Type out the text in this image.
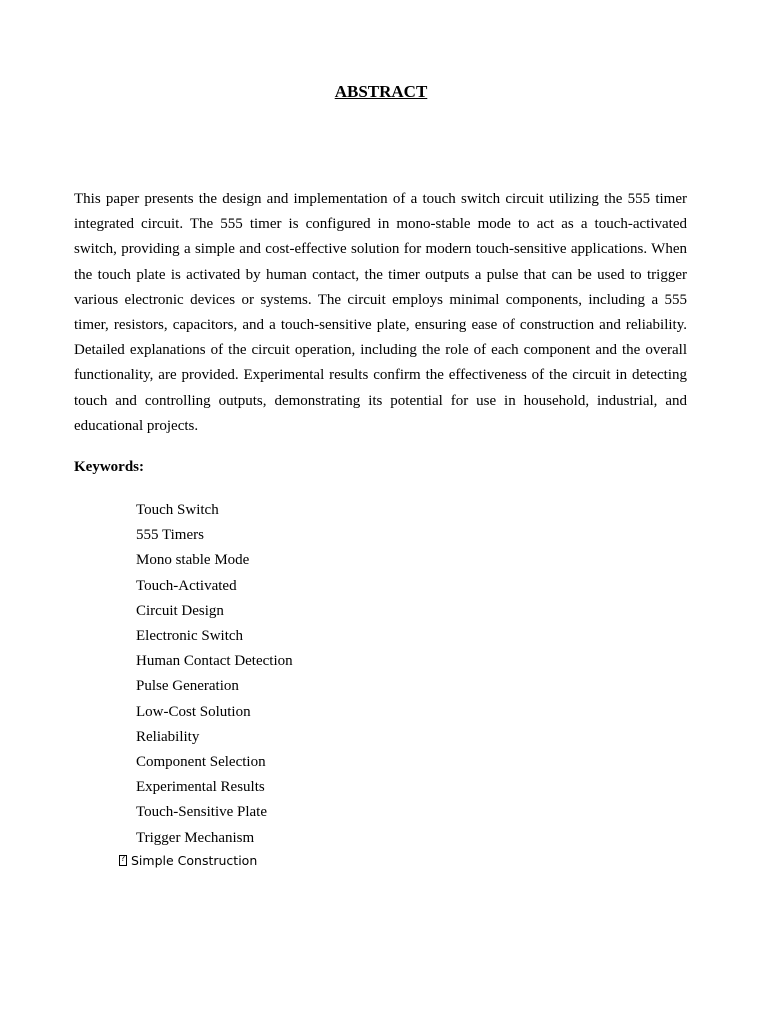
ABSTRACT

This paper presents the design and implementation of a touch switch circuit utilizing the 555 timer integrated circuit. The 555 timer is configured in mono-stable mode to act as a touch-activated switch, providing a simple and cost-effective solution for modern touch-sensitive applications. When the touch plate is activated by human contact, the timer outputs a pulse that can be used to trigger various electronic devices or systems. The circuit employs minimal components, including a 555 timer, resistors, capacitors, and a touch-sensitive plate, ensuring ease of construction and reliability. Detailed explanations of the circuit operation, including the role of each component and the overall functionality, are provided. Experimental results confirm the effectiveness of the circuit in detecting touch and controlling outputs, demonstrating its potential for use in household, industrial, and educational projects.

Keywords:

Touch Switch
555 Timers
Mono stable Mode
Touch-Activated
Circuit Design
Electronic Switch
Human Contact Detection
Pulse Generation
Low-Cost Solution
Reliability
Component Selection
Experimental Results
Touch-Sensitive Plate
Trigger Mechanism
?Simple Construction
